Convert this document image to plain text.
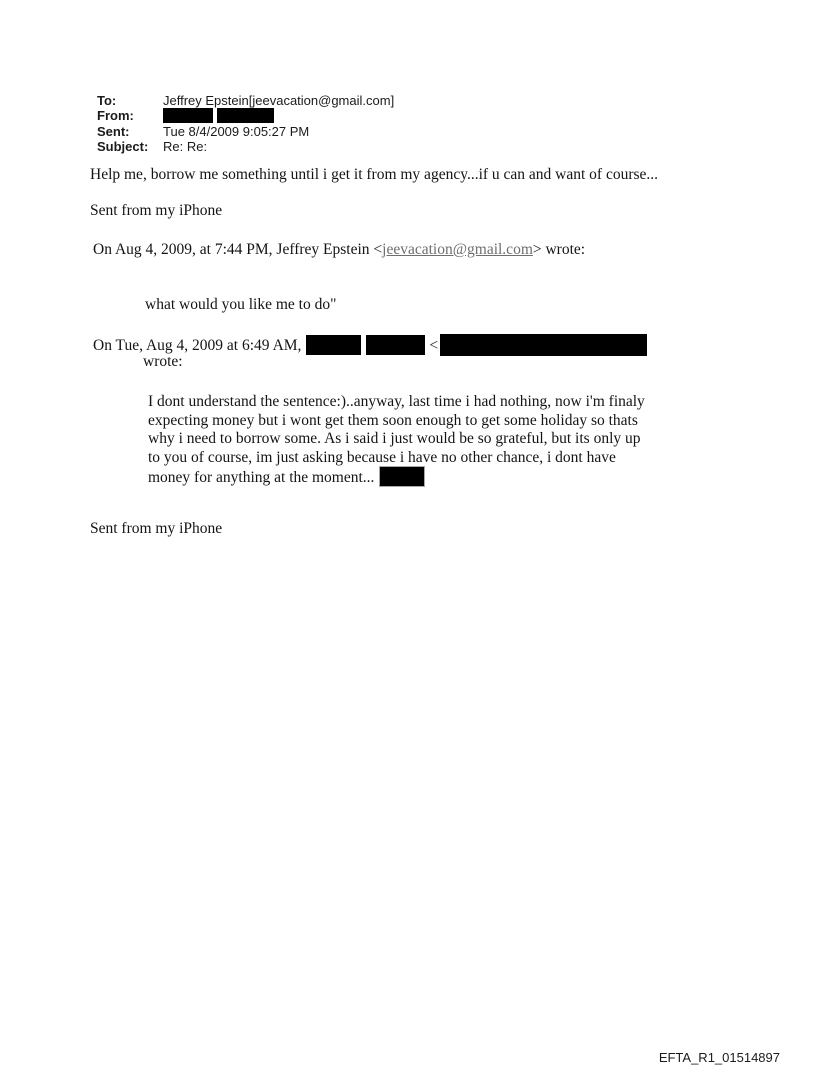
To:	Jeffrey Epstein[jeevacation@gmail.com]
From:
Sent:	Tue 8/4/2009 9:05:27 PM
Subject:	Re: Re:

Help me, borrow me something until i get it from my agency...if u can and want of course...

Sent from my iPhone

On Aug 4, 2009, at 7:44 PM, Jeffrey Epstein <jeevacation@gmail.com> wrote:

what would you like me to do"

On Tue, Aug 4, 2009 at 6:49 AM,	<

wrote:

I dont understand the sentence:)..anyway, last time i had nothing, now i'm finaly
expecting money but i wont get them soon enough to get some holiday so thats
why i need to borrow some. As i said i just would be so grateful, but its only up
to you of course, im just asking because i have no other chance, i dont have
money for anything at the moment...

Sent from my iPhone

EFTA_R1_01514897
